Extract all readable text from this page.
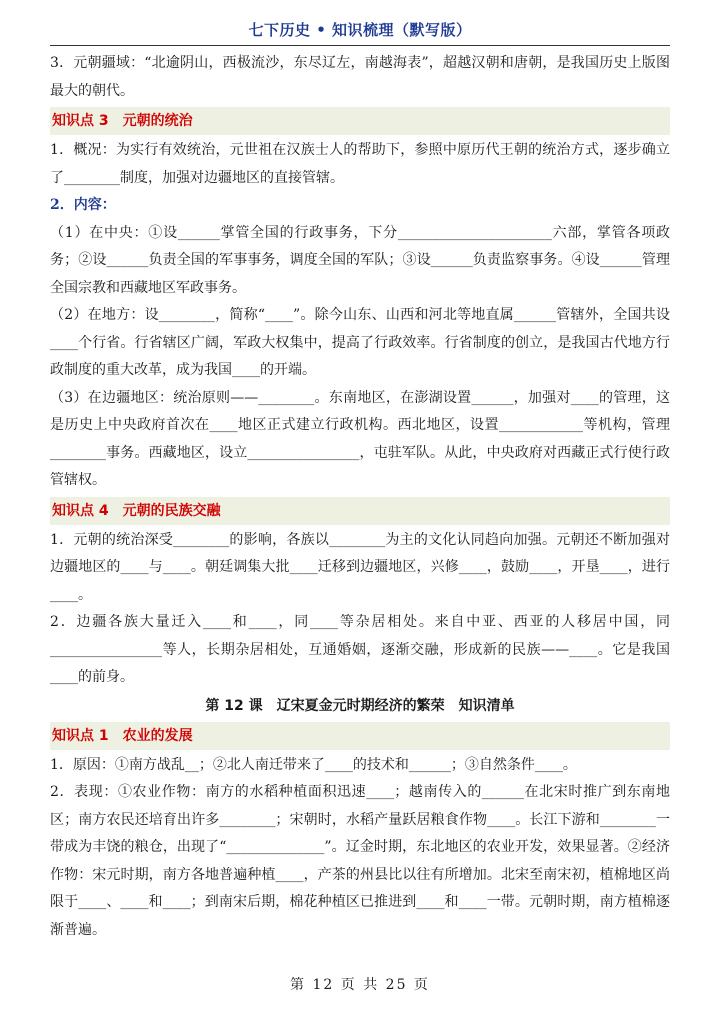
七下历史 • 知识梳理（默写版）

3．元朝疆域：“北逾阴山，西极流沙，东尽辽左，南越海表”，超越汉朝和唐朝，是我国历史上版图最大的朝代。

知识点 3　元朝的统治

1．概况：为实行有效统治，元世祖在汉族士人的帮助下，参照中原历代王朝的统治方式，逐步确立了________制度，加强对边疆地区的直接管辖。

2．内容：

（1）在中央：①设______掌管全国的行政事务，下分______________________六部，掌管各项政务；②设______负责全国的军事事务，调度全国的军队；③设______负责监察事务。④设______管理全国宗教和西藏地区军政事务。

（2）在地方：设________，简称“____”。除今山东、山西和河北等地直属______管辖外，全国共设____个行省。行省辖区广阔，军政大权集中，提高了行政效率。行省制度的创立，是我国古代地方行政制度的重大改革，成为我国____的开端。

（3）在边疆地区：统治原则——________。东南地区，在澎湖设置______，加强对____的管理，这是历史上中央政府首次在____地区正式建立行政机构。西北地区，设置____________等机构，管理________事务。西藏地区，设立________________，屯驻军队。从此，中央政府对西藏正式行使行政管辖权。

知识点 4　元朝的民族交融

1．元朝的统治深受________的影响，各族以________为主的文化认同趋向加强。元朝还不断加强对边疆地区的____与____。朝廷调集大批____迁移到边疆地区，兴修____，鼓励____，开垦____，进行____。

2．边疆各族大量迁入____和____，同____等杂居相处。来自中亚、西亚的人移居中国，同________________等人，长期杂居相处，互通婚姻，逐渐交融，形成新的民族——____。它是我国____的前身。

第 12 课　辽宋夏金元时期经济的繁荣　知识清单
知识点 1　农业的发展

1．原因：①南方战乱__；②北人南迁带来了____的技术和______；③自然条件____。

2．表现：①农业作物：南方的水稻种植面积迅速____；越南传入的______在北宋时推广到东南地区；南方农民还培育出许多________；宋朝时，水稻产量跃居粮食作物____。长江下游和________一带成为丰饶的粮仓，出现了“______________”。辽金时期，东北地区的农业开发，效果显著。②经济作物：宋元时期，南方各地普遍种植____，产茶的州县比以往有所增加。北宋至南宋初，植棉地区尚限于____、____和____；到南宋后期，棉花种植区已推进到____和____一带。元朝时期，南方植棉逐渐普遍。

第 12 页 共 25 页
